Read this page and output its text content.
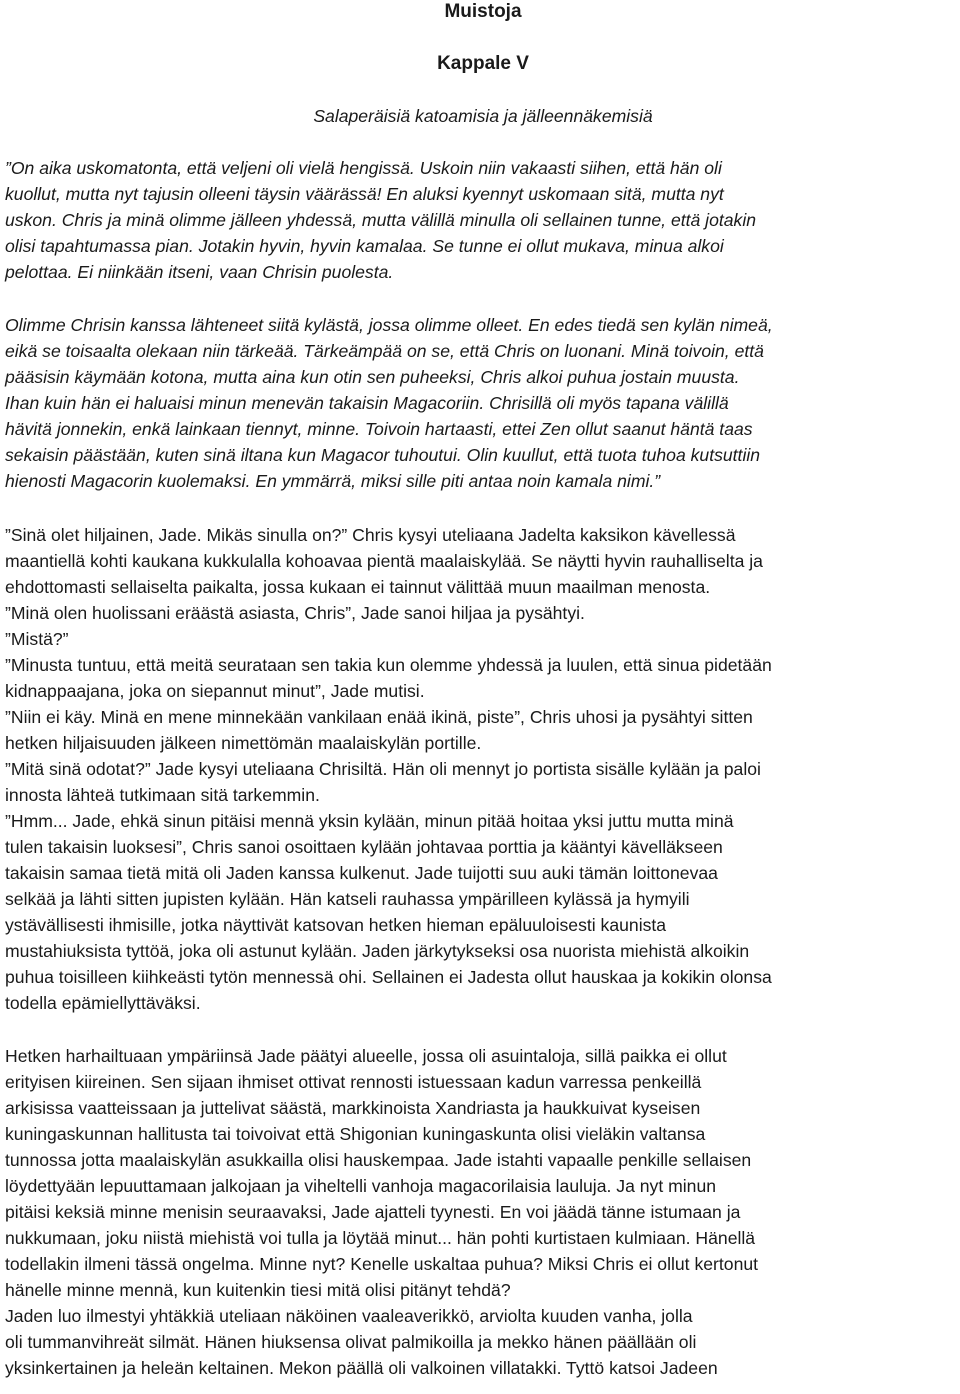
Muistoja
Kappale V
Salaperäisiä katoamisia ja jälleennäkemisiä
”On aika uskomatonta, että veljeni oli vielä hengissä. Uskoin niin vakaasti siihen, että hän oli
kuollut, mutta nyt tajusin olleeni täysin väärässä! En aluksi kyennyt uskomaan sitä, mutta nyt
uskon. Chris ja minä olimme jälleen yhdessä, mutta välillä minulla oli sellainen tunne, että jotakin
olisi tapahtumassa pian. Jotakin hyvin, hyvin kamalaa. Se tunne ei ollut mukava, minua alkoi
pelottaa. Ei niinkään itseni, vaan Chrisin puolesta.
Olimme Chrisin kanssa lähteneet siitä kylästä, jossa olimme olleet. En edes tiedä sen kylän nimeä,
eikä se toisaalta olekaan niin tärkeää. Tärkeämpää on se, että Chris on luonani. Minä toivoin, että
pääsisin käymään kotona, mutta aina kun otin sen puheeksi, Chris alkoi puhua jostain muusta.
Ihan kuin hän ei haluaisi minun menevän takaisin Magacoriin. Chrisillä oli myös tapana välillä
hävitä jonnekin, enkä lainkaan tiennyt, minne. Toivoin hartaasti, ettei Zen ollut saanut häntä taas
sekaisin päästään, kuten sinä iltana kun Magacor tuhoutui. Olin kuullut, että tuota tuhoa kutsuttiin
hienosti Magacorin kuolemaksi. En ymmärrä, miksi sille piti antaa noin kamala nimi.”
”Sinä olet hiljainen, Jade. Mikäs sinulla on?” Chris kysyi uteliaana Jadelta kaksikon kävellessä
maantiellä kohti kaukana kukkulalla kohoavaa pientä maalaiskylää. Se näytti hyvin rauhalliselta ja
ehdottomasti sellaiselta paikalta, jossa kukaan ei tainnut välittää muun maailman menosta.
”Minä olen huolissani eräästä asiasta, Chris”, Jade sanoi hiljaa ja pysähtyi.
”Mistä?”
”Minusta tuntuu, että meitä seurataan sen takia kun olemme yhdessä ja luulen, että sinua pidetään
kidnappaajana, joka on siepannut minut”, Jade mutisi.
”Niin ei käy. Minä en mene minnekään vankilaan enää ikinä, piste”, Chris uhosi ja pysähtyi sitten
hetken hiljaisuuden jälkeen nimettömän maalaiskylän portille.
”Mitä sinä odotat?” Jade kysyi uteliaana Chrisiltä. Hän oli mennyt jo portista sisälle kylään ja paloi
innosta lähteä tutkimaan sitä tarkemmin.
”Hmm... Jade, ehkä sinun pitäisi mennä yksin kylään, minun pitää hoitaa yksi juttu mutta minä
tulen takaisin luoksesi”, Chris sanoi osoittaen kylään johtavaa porttia ja kääntyi kävelläkseen
takaisin samaa tietä mitä oli Jaden kanssa kulkenut. Jade tuijotti suu auki tämän loittonevaa
selkää ja lähti sitten jupisten kylään. Hän katseli rauhassa ympärilleen kylässä ja hymyili
ystävällisesti ihmisille, jotka näyttivät katsovan hetken hieman epäluuloisesti kaunista
mustahiuksista tyttöä, joka oli astunut kylään. Jaden järkytykseksi osa nuorista miehistä alkoikin
puhua toisilleen kiihkeästi tytön mennessä ohi. Sellainen ei Jadesta ollut hauskaa ja kokikin olonsa
todella epämiellyttäväksi.
Hetken harhailtuaan ympäriinsä Jade päätyi alueelle, jossa oli asuintaloja, sillä paikka ei ollut
erityisen kiireinen. Sen sijaan ihmiset ottivat rennosti istuessaan kadun varressa penkeillä
arkisissa vaatteissaan ja juttelivat säästä, markkinoista Xandriasta ja haukkuivat kyseisen
kuningaskunnan hallitusta tai toivoivat että Shigonian kuningaskunta olisi vieläkin valtansa
tunnossa jotta maalaiskylän asukkailla olisi hauskempaa. Jade istahti vapaalle penkille sellaisen
löydettyään lepuuttamaan jalkojaan ja viheltelli vanhoja magacorilaisia lauluja. Ja nyt minun
pitäisi keksiä minne menisin seuraavaksi, Jade ajatteli tyynesti. En voi jäädä tänne istumaan ja
nukkumaan, joku niistä miehistä voi tulla ja löytää minut... hän pohti kurtistaen kulmiaan. Hänellä
todellakin ilmeni tässä ongelma. Minne nyt? Kenelle uskaltaa puhua? Miksi Chris ei ollut kertonut
hänelle minne mennä, kun kuitenkin tiesi mitä olisi pitänyt tehdä?
Jaden luo ilmestyi yhtäkkiä uteliaan näköinen vaaleaverikkö, arviolta kuuden vanha, jolla
oli tummanvihreät silmät. Hänen hiuksensa olivat palmikoilla ja mekko hänen päällään oli
yksinkertainen ja heleän keltainen. Mekon päällä oli valkoinen villatakki. Tyttö katsoi Jadeen
